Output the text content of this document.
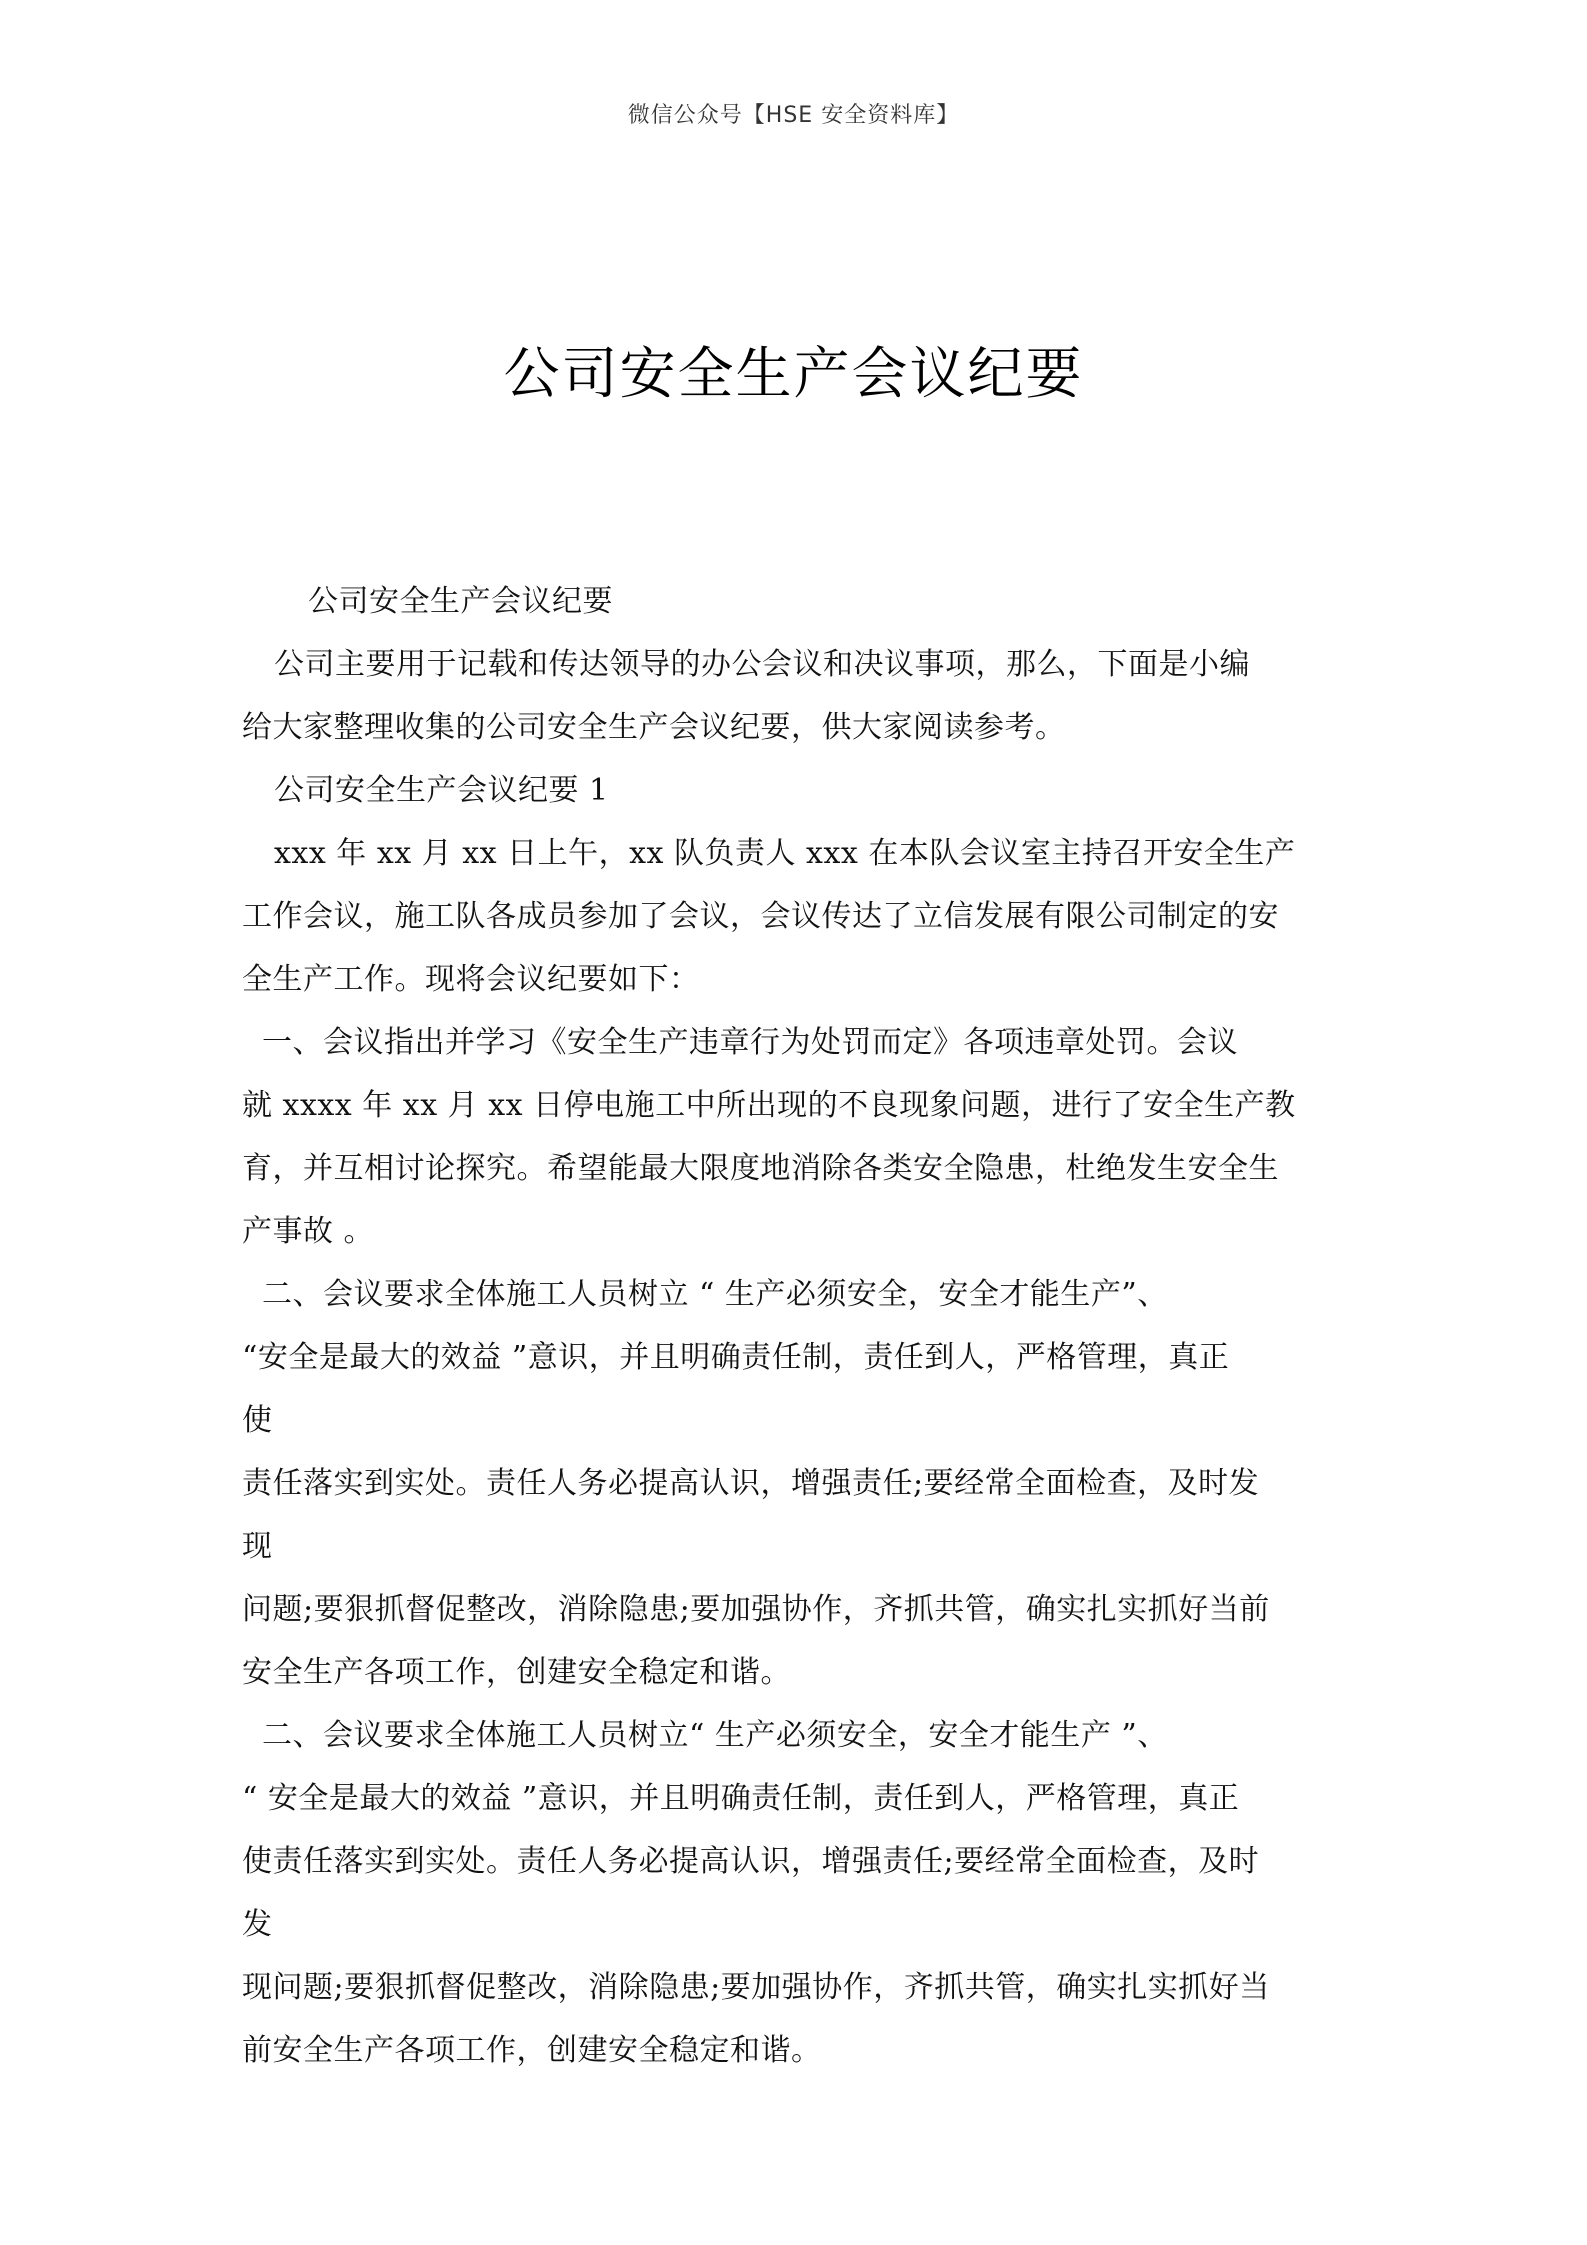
微信公众号【HSE 安全资料库】
公司安全生产会议纪要
公司安全生产会议纪要
公司主要用于记载和传达领导的办公会议和决议事项，那么，下面是小编
给大家整理收集的公司安全生产会议纪要，供大家阅读参考。
公司安全生产会议纪要 1
xxx 年 xx 月 xx 日上午，xx 队负责人 xxx 在本队会议室主持召开安全生产
工作会议，施工队各成员参加了会议，会议传达了立信发展有限公司制定的安
全生产工作。现将会议纪要如下：
一、会议指出并学习《安全生产违章行为处罚而定》各项违章处罚。会议
就 xxxx 年 xx 月 xx 日停电施工中所出现的不良现象问题，进行了安全生产教
育，并互相讨论探究。希望能最大限度地消除各类安全隐患，杜绝发生安全生
产事故 。
二、会议要求全体施工人员树立 “ 生产必须安全，安全才能生产”、
“安全是最大的效益 ”意识，并且明确责任制，责任到人，严格管理，真正
使
责任落实到实处。责任人务必提高认识，增强责任;要经常全面检查，及时发
现
问题;要狠抓督促整改，消除隐患;要加强协作，齐抓共管，确实扎实抓好当前
安全生产各项工作，创建安全稳定和谐。
二、会议要求全体施工人员树立“ 生产必须安全，安全才能生产 ”、
“ 安全是最大的效益 ”意识，并且明确责任制，责任到人，严格管理，真正
使责任落实到实处。责任人务必提高认识，增强责任;要经常全面检查，及时
发
现问题;要狠抓督促整改，消除隐患;要加强协作，齐抓共管，确实扎实抓好当
前安全生产各项工作，创建安全稳定和谐。
